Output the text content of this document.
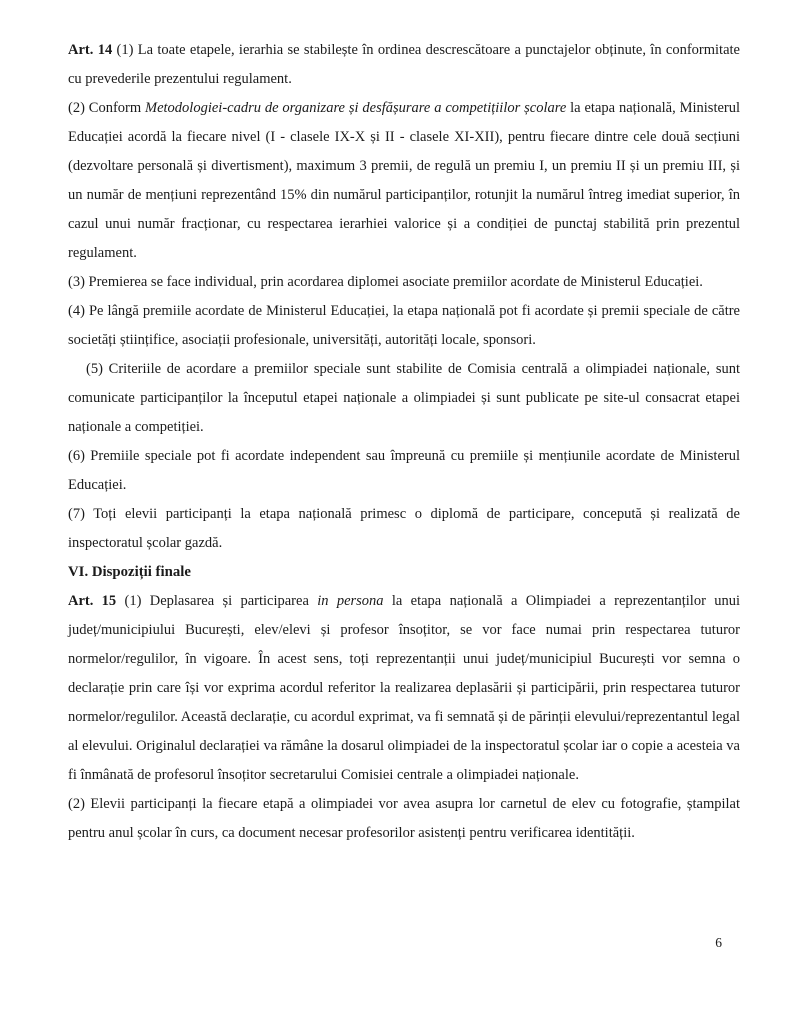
Art. 14 (1) La toate etapele, ierarhia se stabilește în ordinea descrescătoare a punctajelor obținute, în conformitate cu prevederile prezentului regulament.

(2) Conform Metodologiei-cadru de organizare și desfășurare a competițiilor școlare la etapa națională, Ministerul Educației acordă la fiecare nivel (I - clasele IX-X și II - clasele XI-XII), pentru fiecare dintre cele două secțiuni (dezvoltare personală și divertisment), maximum 3 premii, de regulă un premiu I, un premiu II și un premiu III, și un număr de mențiuni reprezentând 15% din numărul participanților, rotunjit la numărul întreg imediat superior, în cazul unui număr fracționar, cu respectarea ierarhiei valorice și a condiției de punctaj stabilită prin prezentul regulament.

(3) Premierea se face individual, prin acordarea diplomei asociate premiilor acordate de Ministerul Educației.

(4) Pe lângă premiile acordate de Ministerul Educației, la etapa națională pot fi acordate și premii speciale de către societăți științifice, asociații profesionale, universități, autorități locale, sponsori.

(5) Criteriile de acordare a premiilor speciale sunt stabilite de Comisia centrală a olimpiadei naționale, sunt comunicate participanților la începutul etapei naționale a olimpiadei și sunt publicate pe site-ul consacrat etapei naționale a competiției.

(6) Premiile speciale pot fi acordate independent sau împreună cu premiile și mențiunile acordate de Ministerul Educației.

(7) Toți elevii participanți la etapa națională primesc o diplomă de participare, concepută și realizată de inspectoratul școlar gazdă.

VI. Dispoziții finale

Art. 15 (1) Deplasarea și participarea in persona la etapa națională a Olimpiadei a reprezentanților unui județ/municipiului București, elev/elevi și profesor însoțitor, se vor face numai prin respectarea tuturor normelor/regulilor, în vigoare. În acest sens, toți reprezentanții unui județ/municipiul București vor semna o declarație prin care își vor exprima acordul referitor la realizarea deplasării și participării, prin respectarea tuturor normelor/regulilor. Această declarație, cu acordul exprimat, va fi semnată și de părinții elevului/reprezentantul legal al elevului. Originalul declarației va rămâne la dosarul olimpiadei de la inspectoratul școlar iar o copie a acesteia va fi înmânată de profesorul însoțitor secretarului Comisiei centrale a olimpiadei naționale.

(2) Elevii participanți la fiecare etapă a olimpiadei vor avea asupra lor carnetul de elev cu fotografie, ștampilat pentru anul școlar în curs, ca document necesar profesorilor asistenți pentru verificarea identității.

6
